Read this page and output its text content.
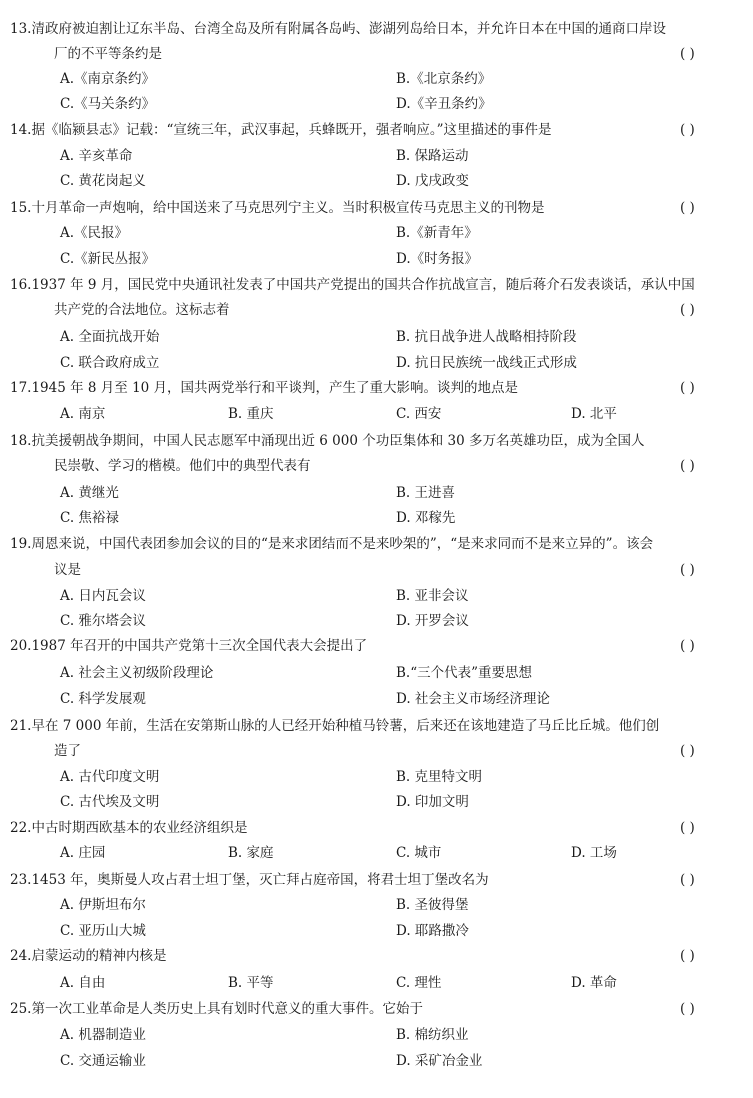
13.清政府被迫割让辽东半岛、台湾全岛及所有附属各岛屿、澎湖列岛给日本，并允许日本在中国的通商口岸设
厂的不平等条约是	( )
A.《南京条约》	B.《北京条约》
C.《马关条约》	D.《辛丑条约》
14.据《临颍县志》记载：“宣统三年，武汉事起，兵蜂既开，强者响应。”这里描述的事件是	( )
A. 辛亥革命	B. 保路运动
C. 黄花岗起义	D. 戊戌政变
15.十月革命一声炮响，给中国送来了马克思列宁主义。当时积极宣传马克思主义的刊物是	( )
A.《民报》	B.《新青年》
C.《新民丛报》	D.《时务报》
16.1937 年 9 月，国民党中央通讯社发表了中国共产党提出的国共合作抗战宣言，随后蒋介石发表谈话，承认中国
共产党的合法地位。这标志着	( )
A. 全面抗战开始	B. 抗日战争进人战略相持阶段
C. 联合政府成立	D. 抗日民族统一战线正式形成
17.1945 年 8 月至 10 月，国共两党举行和平谈判，产生了重大影响。谈判的地点是	( )
A. 南京	B. 重庆	C. 西安	D. 北平
18.抗美援朝战争期间，中国人民志愿军中涌现出近 6 000 个功臣集体和 30 多万名英雄功臣，成为全国人
民崇敬、学习的楷模。他们中的典型代表有	( )
A. 黄继光	B. 王进喜
C. 焦裕禄	D. 邓稼先
19.周恩来说，中国代表团参加会议的目的“是来求团结而不是来吵架的”，“是来求同而不是来立异的”。该会
议是	( )
A. 日内瓦会议	B. 亚非会议
C. 雅尔塔会议	D. 开罗会议
20.1987 年召开的中国共产党第十三次全国代表大会提出了	( )
A. 社会主义初级阶段理论	B.“三个代表”重要思想
C. 科学发展观	D. 社会主义市场经济理论
21.早在 7 000 年前，生活在安第斯山脉的人已经开始种植马铃薯，后来还在该地建造了马丘比丘城。他们创
造了	( )
A. 古代印度文明	B. 克里特文明
C. 古代埃及文明	D. 印加文明
22.中古时期西欧基本的农业经济组织是	( )
A. 庄园	B. 家庭	C. 城市	D. 工场
23.1453 年，奥斯曼人攻占君士坦丁堡，灭亡拜占庭帝国，将君士坦丁堡改名为	( )
A. 伊斯坦布尔	B. 圣彼得堡
C. 亚历山大城	D. 耶路撒冷
24.启蒙运动的精神内核是	( )
A. 自由	B. 平等	C. 理性	D. 革命
25.第一次工业革命是人类历史上具有划时代意义的重大事件。它始于	( )
A. 机器制造业	B. 棉纺织业
C. 交通运输业	D. 采矿冶金业
